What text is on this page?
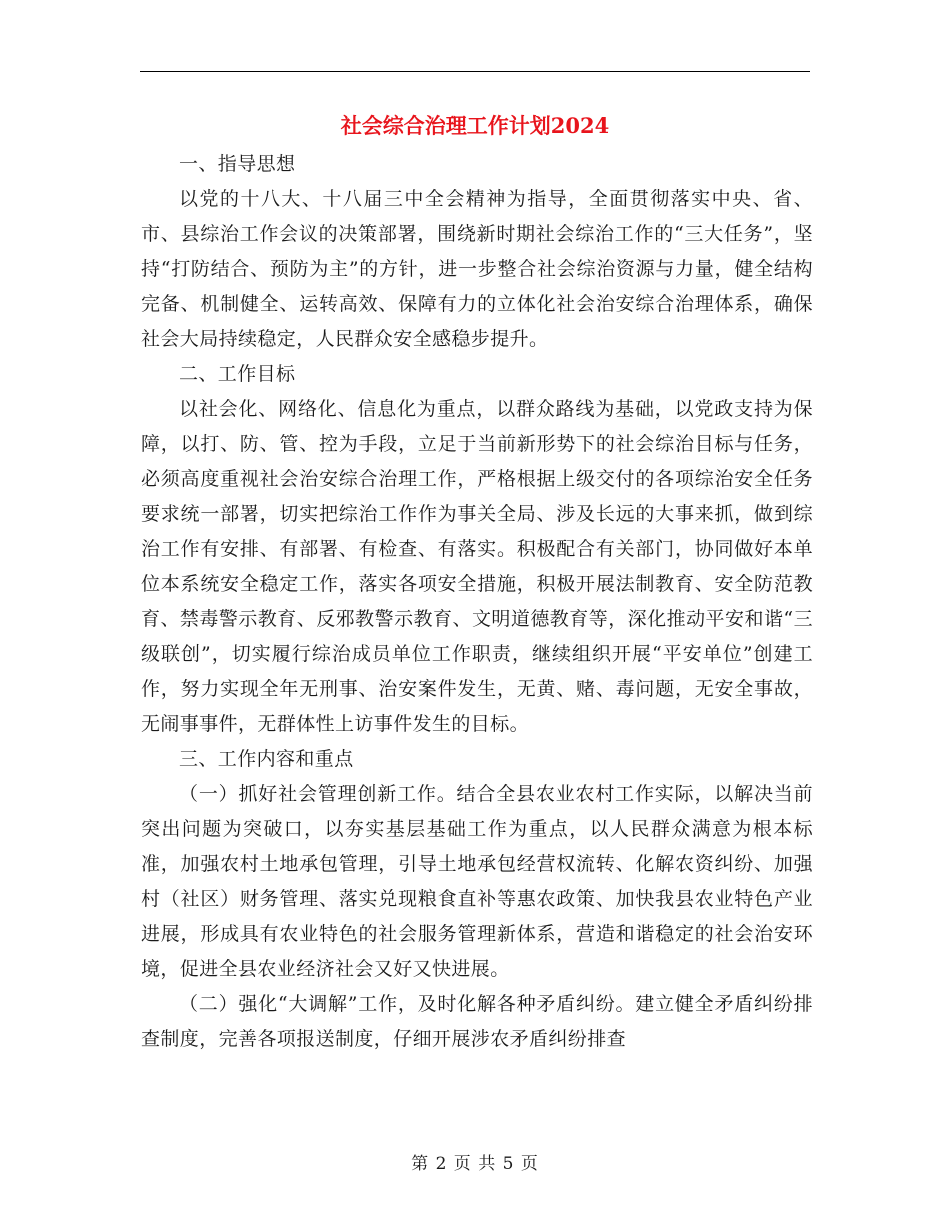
社会综合治理工作计划2024

一、指导思想

以党的十八大、十八届三中全会精神为指导，全面贯彻落实中央、省、市、县综治工作会议的决策部署，围绕新时期社会综治工作的“三大任务”，坚持“打防结合、预防为主”的方针，进一步整合社会综治资源与力量，健全结构完备、机制健全、运转高效、保障有力的立体化社会治安综合治理体系，确保社会大局持续稳定，人民群众安全感稳步提升。

二、工作目标

以社会化、网络化、信息化为重点，以群众路线为基础，以党政支持为保障，以打、防、管、控为手段，立足于当前新形势下的社会综治目标与任务，必须高度重视社会治安综合治理工作，严格根据上级交付的各项综治安全任务要求统一部署，切实把综治工作作为事关全局、涉及长远的大事来抓，做到综治工作有安排、有部署、有检查、有落实。积极配合有关部门，协同做好本单位本系统安全稳定工作，落实各项安全措施，积极开展法制教育、安全防范教育、禁毒警示教育、反邪教警示教育、文明道德教育等，深化推动平安和谐“三级联创”，切实履行综治成员单位工作职责，继续组织开展“平安单位”创建工作，努力实现全年无刑事、治安案件发生，无黄、赌、毒问题，无安全事故，无闹事事件，无群体性上访事件发生的目标。

三、工作内容和重点

（一）抓好社会管理创新工作。结合全县农业农村工作实际，以解决当前突出问题为突破口，以夯实基层基础工作为重点，以人民群众满意为根本标准，加强农村土地承包管理，引导土地承包经营权流转、化解农资纠纷、加强村（社区）财务管理、落实兑现粮食直补等惠农政策、加快我县农业特色产业进展，形成具有农业特色的社会服务管理新体系，营造和谐稳定的社会治安环境，促进全县农业经济社会又好又快进展。

（二）强化“大调解”工作，及时化解各种矛盾纠纷。建立健全矛盾纠纷排查制度，完善各项报送制度，仔细开展涉农矛盾纠纷排查

第 2 页 共 5 页
